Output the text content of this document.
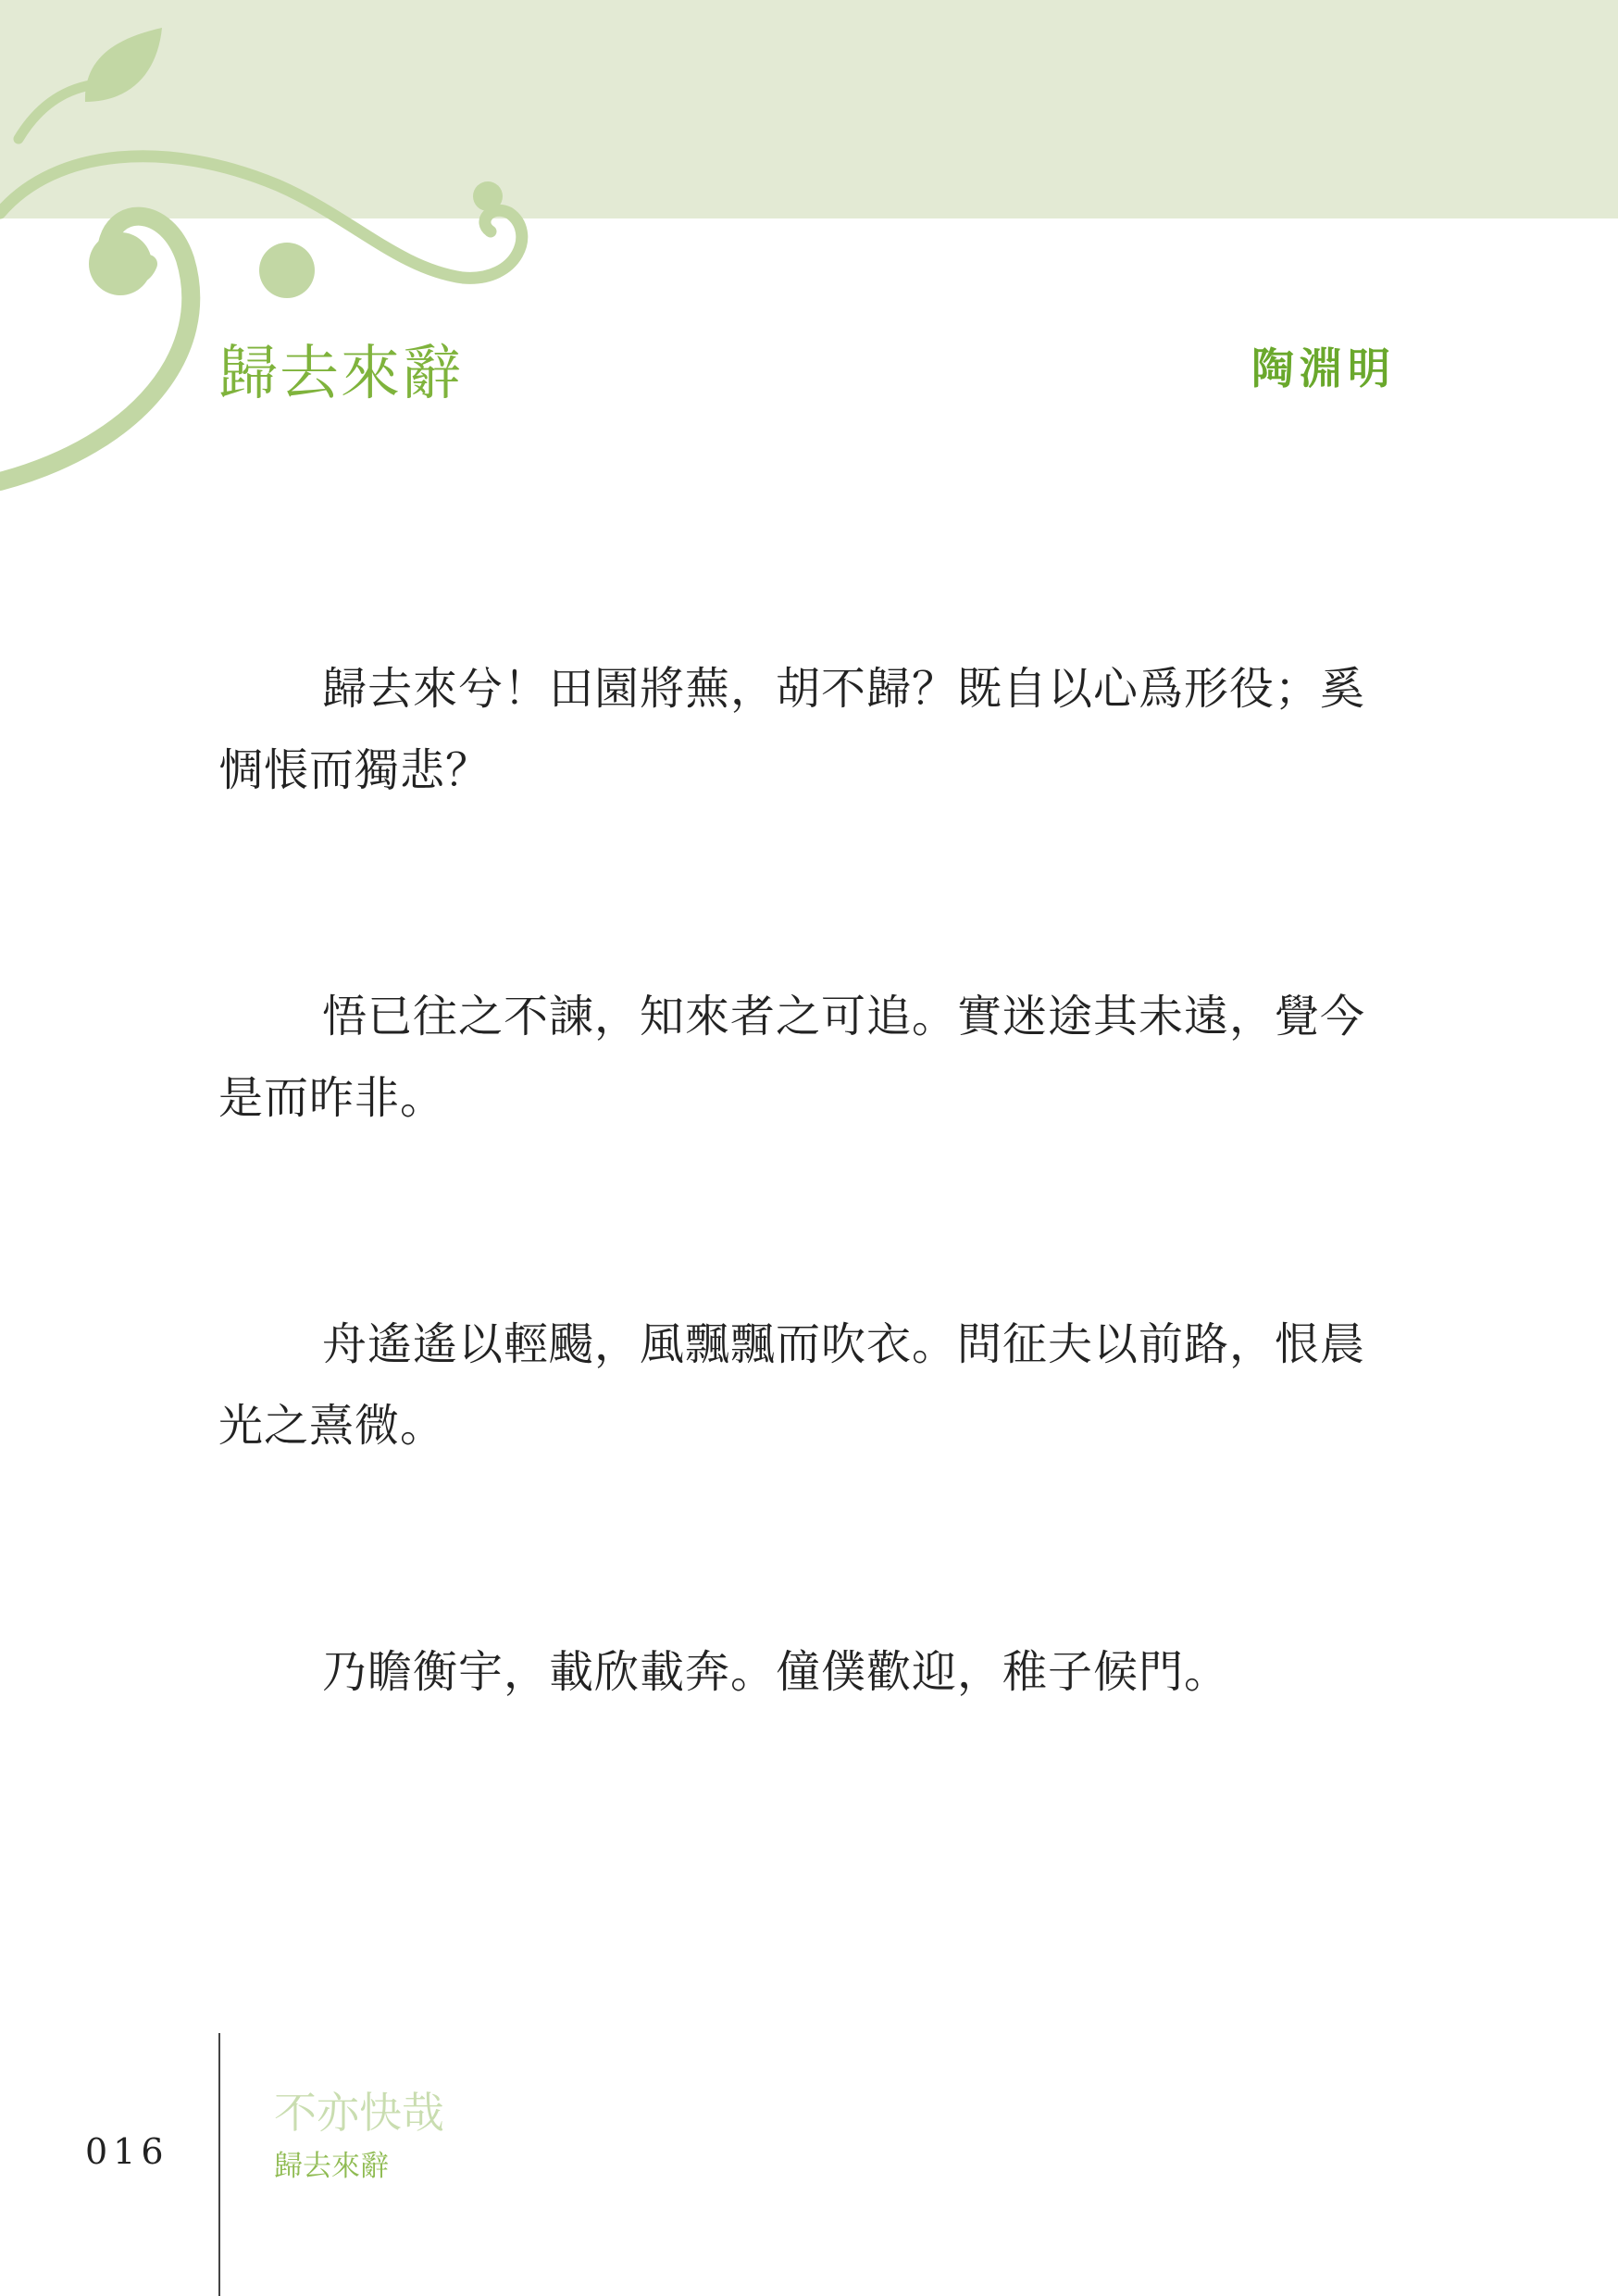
歸去來辭	陶淵明

歸去來兮！田園將蕪，胡不歸？既自以心爲形役；奚惆悵而獨悲？

悟已往之不諫，知來者之可追。實迷途其未遠，覺今是而昨非。

舟遙遙以輕颺，風飄飄而吹衣。問征夫以前路，恨晨光之熹微。

乃瞻衡宇，載欣載奔。僮僕歡迎，稚子候門。

016
不亦快哉
歸去來辭
